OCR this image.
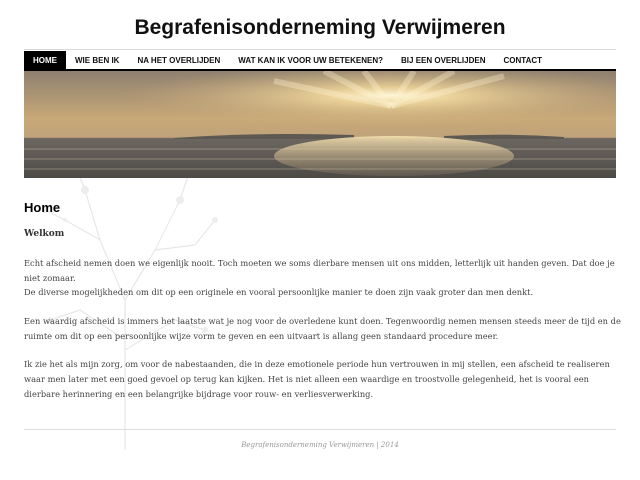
Begrafenisonderneming Verwijmeren
HOME	WIE BEN IK	NA HET OVERLIJDEN	WAT KAN IK VOOR UW BETEKENEN?	BIJ EEN OVERLIJDEN	CONTACT
Home
Welkom

Echt afscheid nemen doen we eigenlijk nooit. Toch moeten we soms dierbare mensen uit ons midden, letterlijk uit handen geven. Dat doe je niet zomaar.

De diverse mogelijkheden om dit op een originele en vooral persoonlijke manier te doen zijn vaak groter dan men denkt.

Een waardig afscheid is immers het laatste wat je nog voor de overledene kunt doen. Tegenwoordig nemen mensen steeds meer de tijd en de ruimte om dit op een persoonlijke wijze vorm te geven en een uitvaart is allang geen standaard procedure meer.

Ik zie het als mijn zorg, om voor de nabestaanden, die in deze emotionele periode hun vertrouwen in mij stellen, een afscheid te realiseren waar men later met een goed gevoel op terug kan kijken. Het is niet alleen een waardige en troostvolle gelegenheid, het is vooral een dierbare herinnering en een belangrijke bijdrage voor rouw- en verliesverwerking.

Begrafenisonderneming Verwijmeren | 2014
